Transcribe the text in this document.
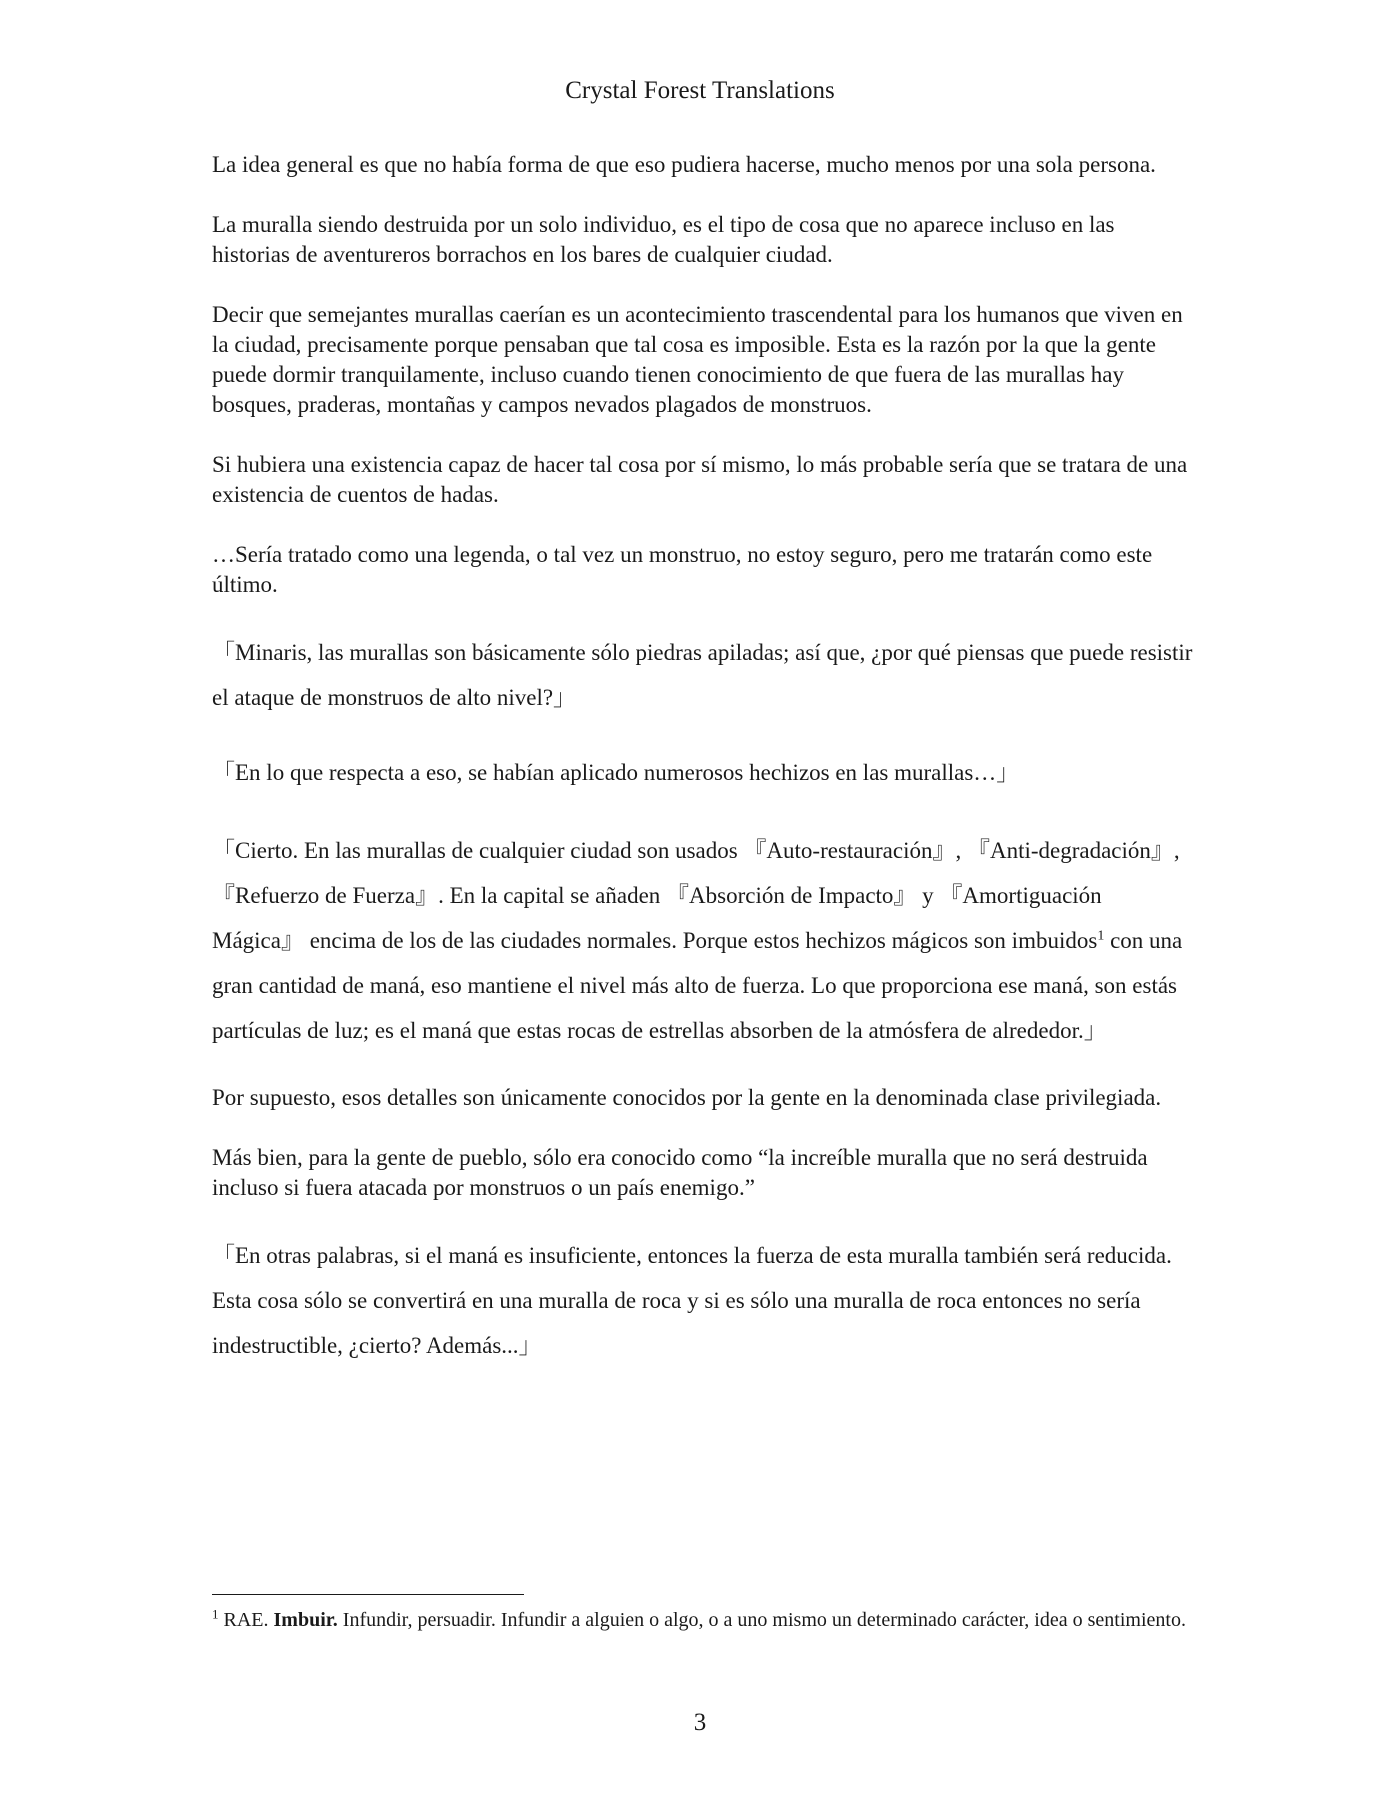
Crystal Forest Translations

La idea general es que no había forma de que eso pudiera hacerse, mucho menos por una sola persona.

La muralla siendo destruida por un solo individuo, es el tipo de cosa que no aparece incluso en las historias de aventureros borrachos en los bares de cualquier ciudad.

Decir que semejantes murallas caerían es un acontecimiento trascendental para los humanos que viven en la ciudad, precisamente porque pensaban que tal cosa es imposible. Esta es la razón por la que la gente puede dormir tranquilamente, incluso cuando tienen conocimiento de que fuera de las murallas hay bosques, praderas, montañas y campos nevados plagados de monstruos.

Si hubiera una existencia capaz de hacer tal cosa por sí mismo, lo más probable sería que se tratara de una existencia de cuentos de hadas.

…Sería tratado como una legenda, o tal vez un monstruo, no estoy seguro, pero me tratarán como este último.

「Minaris, las murallas son básicamente sólo piedras apiladas; así que, ¿por qué piensas que puede resistir el ataque de monstruos de alto nivel?」

「En lo que respecta a eso, se habían aplicado numerosos hechizos en las murallas…」

「Cierto. En las murallas de cualquier ciudad son usados 『Auto-restauración』, 『Anti-degradación』, 『Refuerzo de Fuerza』. En la capital se añaden 『Absorción de Impacto』 y 『Amortiguación Mágica』 encima de los de las ciudades normales. Porque estos hechizos mágicos son imbuidos$^1$ con una gran cantidad de maná, eso mantiene el nivel más alto de fuerza. Lo que proporciona ese maná, son estás partículas de luz; es el maná que estas rocas de estrellas absorben de la atmósfera de alrededor.」

Por supuesto, esos detalles son únicamente conocidos por la gente en la denominada clase privilegiada.

Más bien, para la gente de pueblo, sólo era conocido como “la increíble muralla que no será destruida incluso si fuera atacada por monstruos o un país enemigo.”

「En otras palabras, si el maná es insuficiente, entonces la fuerza de esta muralla también será reducida. Esta cosa sólo se convertirá en una muralla de roca y si es sólo una muralla de roca entonces no sería indestructible, ¿cierto? Además...」

$^1$ RAE. Imbuir. Infundir, persuadir. Infundir a alguien o algo, o a uno mismo un determinado carácter, idea o sentimiento.
3
